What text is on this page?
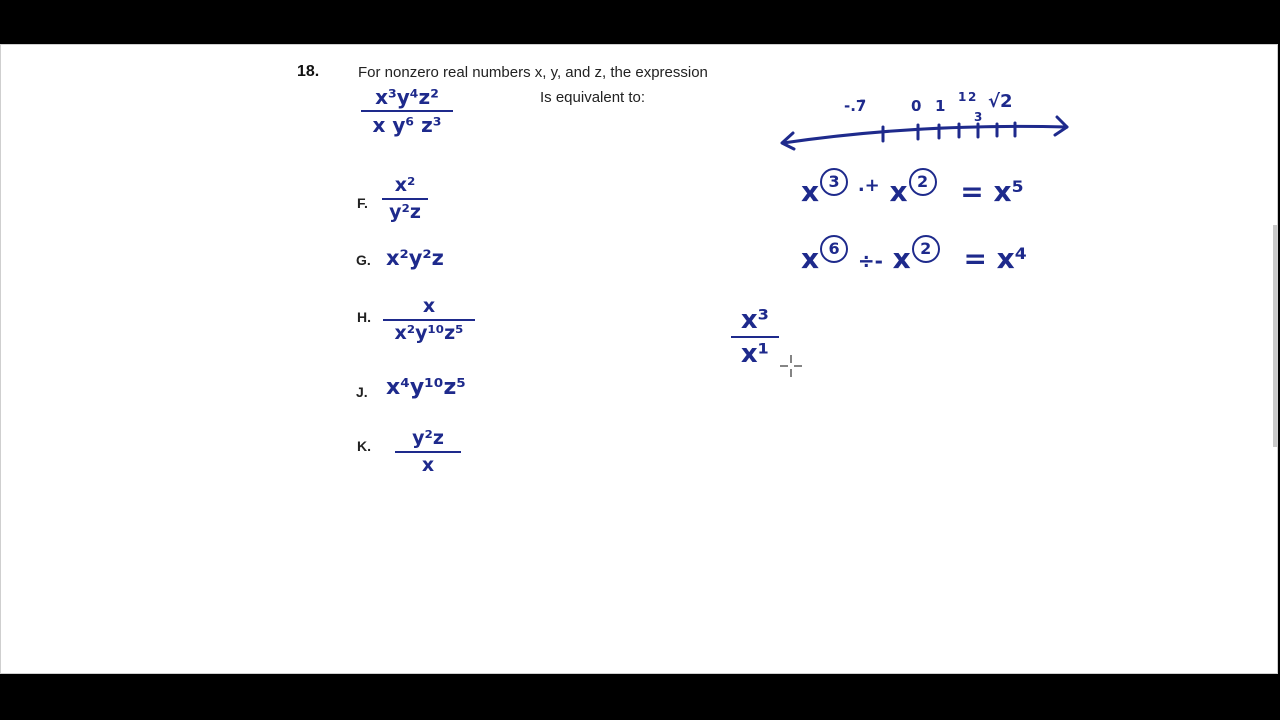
18.	For nonzero real numbers x, y, and z, the expression
Is equivalent to:
x³y⁴z²
x y⁶ z³
F.
x²
y²z
G. x²y²z
H.	x
x²y¹⁰z⁵
J. x⁴y¹⁰z⁵
K.	y²z
x
-.7̄	0 1 1 2
3
√2
x 3 .+ x 2 = x⁵
x 6 ÷- x 2 = x⁴
x³
x¹
